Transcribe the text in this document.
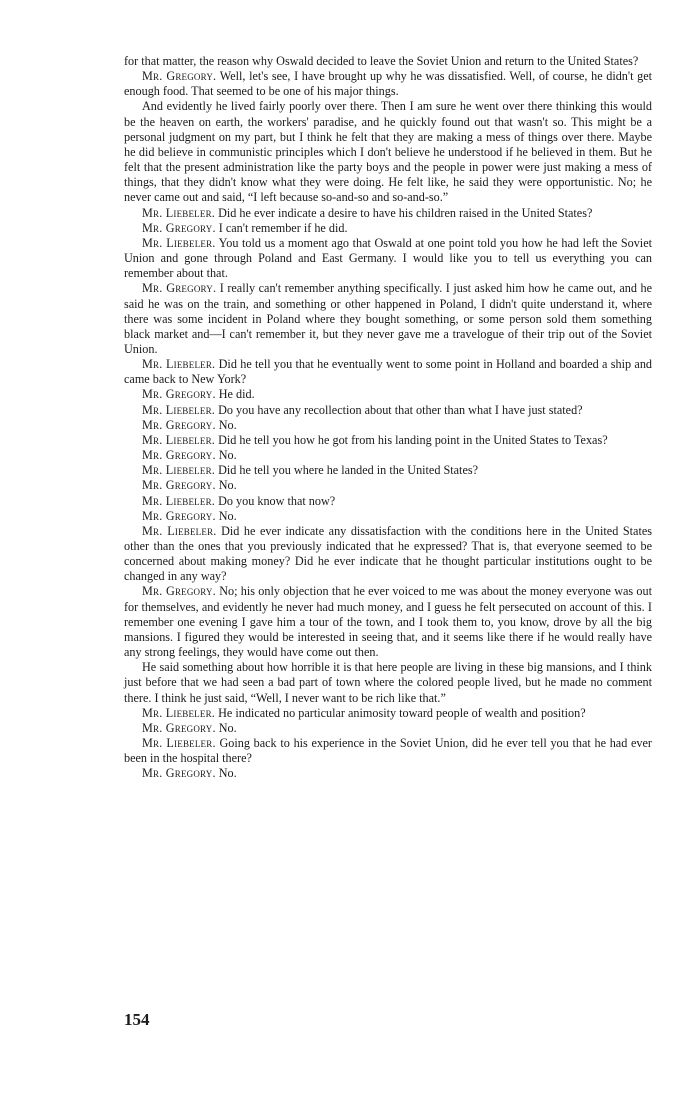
for that matter, the reason why Oswald decided to leave the Soviet Union and return to the United States?

Mr. Gregory. Well, let's see, I have brought up why he was dissatisfied. Well, of course, he didn't get enough food. That seemed to be one of his major things.

And evidently he lived fairly poorly over there. Then I am sure he went over there thinking this would be the heaven on earth, the workers' paradise, and he quickly found out that wasn't so. This might be a personal judgment on my part, but I think he felt that they are making a mess of things over there. Maybe he did believe in communistic principles which I don't believe he understood if he believed in them. But he felt that the present administration like the party boys and the people in power were just making a mess of things, that they didn't know what they were doing. He felt like, he said they were opportunistic. No; he never came out and said, “I left because so-and-so and so-and-so.”

Mr. Liebeler. Did he ever indicate a desire to have his children raised in the United States?

Mr. Gregory. I can't remember if he did.

Mr. Liebeler. You told us a moment ago that Oswald at one point told you how he had left the Soviet Union and gone through Poland and East Germany. I would like you to tell us everything you can remember about that.

Mr. Gregory. I really can't remember anything specifically. I just asked him how he came out, and he said he was on the train, and something or other happened in Poland, I didn't quite understand it, where there was some incident in Poland where they bought something, or some person sold them something black market and—I can't remember it, but they never gave me a travelogue of their trip out of the Soviet Union.

Mr. Liebeler. Did he tell you that he eventually went to some point in Holland and boarded a ship and came back to New York?

Mr. Gregory. He did.

Mr. Liebeler. Do you have any recollection about that other than what I have just stated?

Mr. Gregory. No.

Mr. Liebeler. Did he tell you how he got from his landing point in the United States to Texas?

Mr. Gregory. No.

Mr. Liebeler. Did he tell you where he landed in the United States?

Mr. Gregory. No.

Mr. Liebeler. Do you know that now?

Mr. Gregory. No.

Mr. Liebeler. Did he ever indicate any dissatisfaction with the conditions here in the United States other than the ones that you previously indicated that he expressed? That is, that everyone seemed to be concerned about making money? Did he ever indicate that he thought particular institutions ought to be changed in any way?

Mr. Gregory. No; his only objection that he ever voiced to me was about the money everyone was out for themselves, and evidently he never had much money, and I guess he felt persecuted on account of this. I remember one evening I gave him a tour of the town, and I took them to, you know, drove by all the big mansions. I figured they would be interested in seeing that, and it seems like there if he would really have any strong feelings, they would have come out then.

He said something about how horrible it is that here people are living in these big mansions, and I think just before that we had seen a bad part of town where the colored people lived, but he made no comment there. I think he just said, “Well, I never want to be rich like that.”

Mr. Liebeler. He indicated no particular animosity toward people of wealth and position?

Mr. Gregory. No.

Mr. Liebeler. Going back to his experience in the Soviet Union, did he ever tell you that he had ever been in the hospital there?

Mr. Gregory. No.

154
